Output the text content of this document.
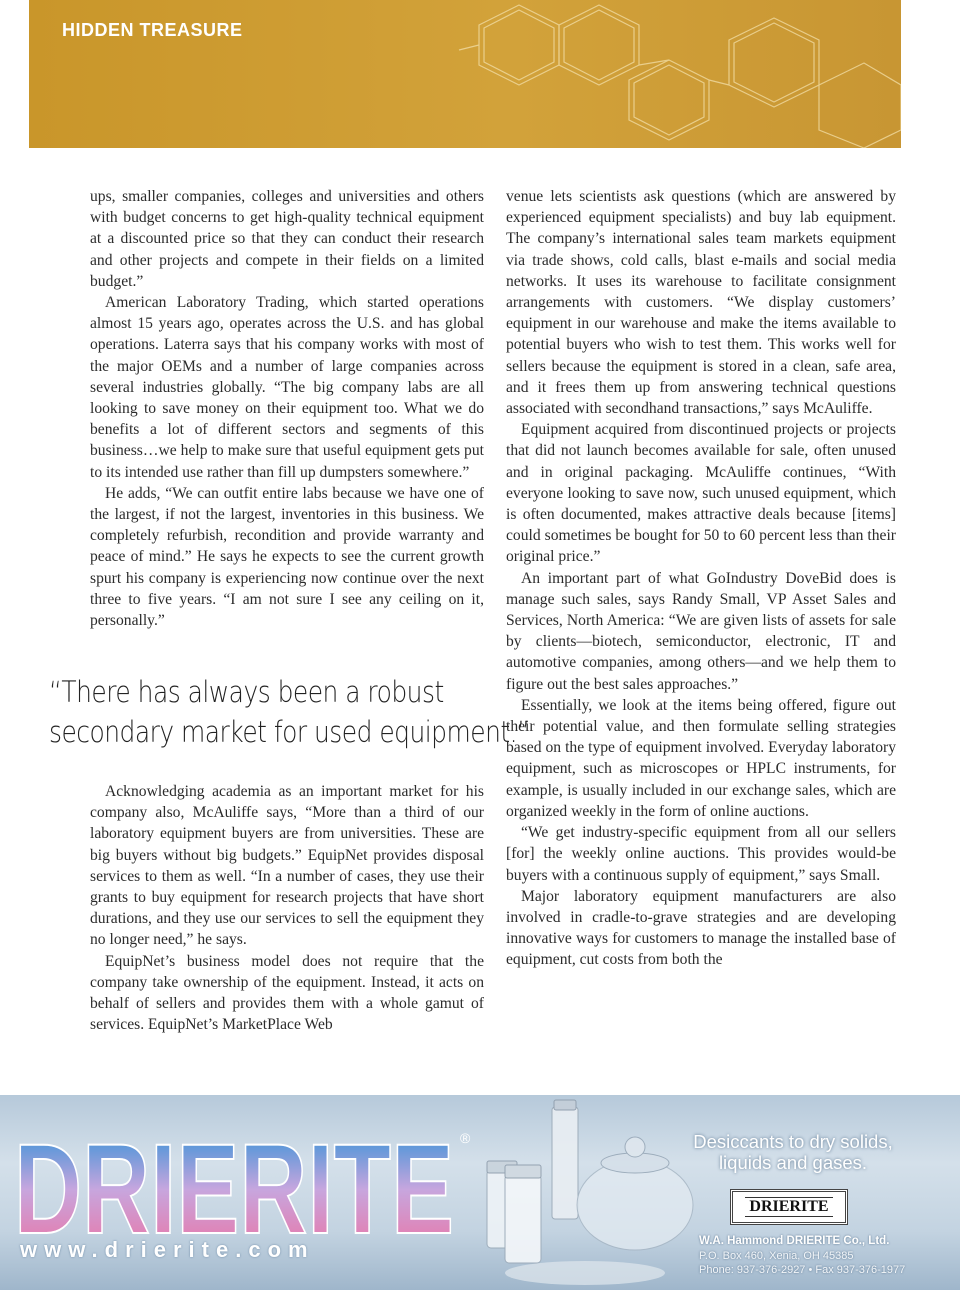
HIDDEN TREASURE

ups, smaller companies, colleges and universities and others with budget concerns to get high-quality technical equipment at a discounted price so that they can conduct their research and other projects and compete in their fields on a limited budget.”

American Laboratory Trading, which started operations almost 15 years ago, operates across the U.S. and has global operations. Laterra says that his company works with most of the major OEMs and a number of large companies across several industries globally. “The big company labs are all looking to save money on their equipment too. What we do benefits a lot of different sectors and segments of this business…we help to make sure that useful equipment gets put to its intended use rather than fill up dumpsters somewhere.”

He adds, “We can outfit entire labs because we have one of the largest, if not the largest, inventories in this business. We completely refurbish, recondition and provide warranty and peace of mind.” He says he expects to see the current growth spurt his company is experiencing now continue over the next three to five years. “I am not sure I see any ceiling on it, personally.”

“There has always been a robust
secondary market for used equipment.”

Acknowledging academia as an important market for his company also, McAuliffe says, “More than a third of our laboratory equipment buyers are from universities. These are big buyers without big budgets.” EquipNet provides disposal services to them as well. “In a number of cases, they use their grants to buy equipment for research projects that have short durations, and they use our services to sell the equipment they no longer need,” he says.

EquipNet’s business model does not require that the company take ownership of the equipment. Instead, it acts on behalf of sellers and provides them with a whole gamut of services. EquipNet’s MarketPlace Web

venue lets scientists ask questions (which are answered by experienced equipment specialists) and buy lab equipment. The company’s international sales team markets equipment via trade shows, cold calls, blast e-mails and social media networks. It uses its warehouse to facilitate consignment arrangements with customers. “We display customers’ equipment in our warehouse and make the items available to potential buyers who wish to test them. This works well for sellers because the equipment is stored in a clean, safe area, and it frees them up from answering technical questions associated with secondhand transactions,” says McAuliffe.

Equipment acquired from discontinued projects or projects that did not launch becomes available for sale, often unused and in original packaging. McAuliffe continues, “With everyone looking to save now, such unused equipment, which is often documented, makes attractive deals because [items] could sometimes be bought for 50 to 60 percent less than their original price.”

An important part of what GoIndustry DoveBid does is manage such sales, says Randy Small, VP Asset Sales and Services, North America: “We are given lists of assets for sale by clients—biotech, semiconductor, electronic, IT and automotive companies, among others—and we help them to figure out the best sales approaches.”

Essentially, we look at the items being offered, figure out their potential value, and then formulate selling strategies based on the type of equipment involved. Everyday laboratory equipment, such as microscopes or HPLC instruments, for example, is usually included in our exchange sales, which are organized weekly in the form of online auctions.

“We get industry-specific equipment from all our sellers [for] the weekly online auctions. This provides would-be buyers with a continuous supply of equipment,” says Small.

Major laboratory equipment manufacturers are also involved in cradle-to-grave strategies and are developing innovative ways for customers to manage the installed base of equipment, cut costs from both the

DRIERITE ®

www.drierite.com

Desiccants to dry solids,
liquids and gases.

DRIERITE

W.A. Hammond DRIERITE Co., Ltd.

P.O. Box 460, Xenia, OH 45385

Phone: 937-376-2927 • Fax 937-376-1977
